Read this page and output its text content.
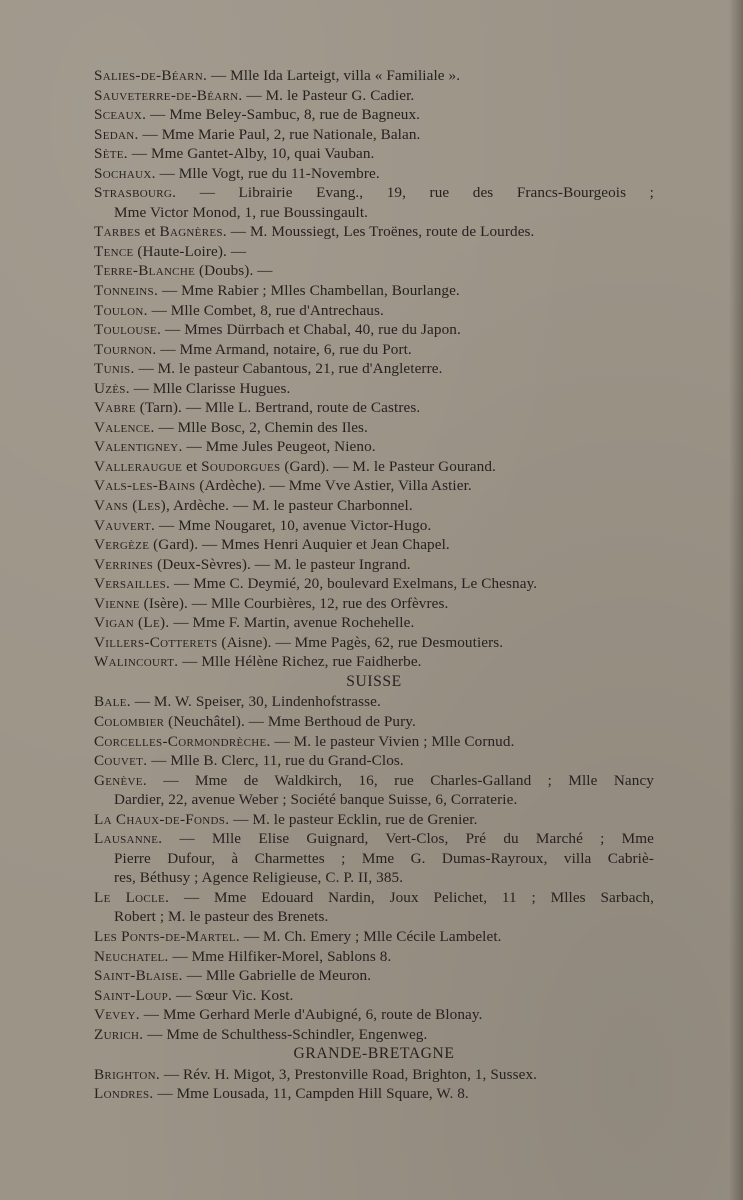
Salies-de-Béarn. — Mlle Ida Larteigt, villa « Familiale ».
Sauveterre-de-Béarn. — M. le Pasteur G. Cadier.
Sceaux. — Mme Beley-Sambuc, 8, rue de Bagneux.
Sedan. — Mme Marie Paul, 2, rue Nationale, Balan.
Sète. — Mme Gantet-Alby, 10, quai Vauban.
Sochaux. — Mlle Vogt, rue du 11-Novembre.
Strasbourg. — Librairie Evang., 19, rue des Francs-Bourgeois ;
Mme Victor Monod, 1, rue Boussingault.
Tarbes et Bagnères. — M. Moussiegt, Les Troënes, route de Lourdes.
Tence (Haute-Loire). —
Terre-Blanche (Doubs). —
Tonneins. — Mme Rabier ; Mlles Chambellan, Bourlange.
Toulon. — Mlle Combet, 8, rue d'Antrechaus.
Toulouse. — Mmes Dürrbach et Chabal, 40, rue du Japon.
Tournon. — Mme Armand, notaire, 6, rue du Port.
Tunis. — M. le pasteur Cabantous, 21, rue d'Angleterre.
Uzès. — Mlle Clarisse Hugues.
Vabre (Tarn). — Mlle L. Bertrand, route de Castres.
Valence. — Mlle Bosc, 2, Chemin des Iles.
Valentigney. — Mme Jules Peugeot, Nieno.
Valleraugue et Soudorgues (Gard). — M. le Pasteur Gourand.
Vals-les-Bains (Ardèche). — Mme Vve Astier, Villa Astier.
Vans (Les), Ardèche. — M. le pasteur Charbonnel.
Vauvert. — Mme Nougaret, 10, avenue Victor-Hugo.
Vergèze (Gard). — Mmes Henri Auquier et Jean Chapel.
Verrines (Deux-Sèvres). — M. le pasteur Ingrand.
Versailles. — Mme C. Deymié, 20, boulevard Exelmans, Le Chesnay.
Vienne (Isère). — Mlle Courbières, 12, rue des Orfèvres.
Vigan (Le). — Mme F. Martin, avenue Rochehelle.
Villers-Cotterets (Aisne). — Mme Pagès, 62, rue Desmoutiers.
Walincourt. — Mlle Hélène Richez, rue Faidherbe.
SUISSE
Bale. — M. W. Speiser, 30, Lindenhofstrasse.
Colombier (Neuchâtel). — Mme Berthoud de Pury.
Corcelles-Cormondrèche. — M. le pasteur Vivien ; Mlle Cornud.
Couvet. — Mlle B. Clerc, 11, rue du Grand-Clos.
Genève. — Mme de Waldkirch, 16, rue Charles-Galland ; Mlle Nancy
Dardier, 22, avenue Weber ; Société banque Suisse, 6, Corraterie.
La Chaux-de-Fonds. — M. le pasteur Ecklin, rue de Grenier.
Lausanne. — Mlle Elise Guignard, Vert-Clos, Pré du Marché ; Mme
Pierre Dufour, à Charmettes ; Mme G. Dumas-Rayroux, villa Cabriè-
res, Béthusy ; Agence Religieuse, C. P. II, 385.
Le Locle. — Mme Edouard Nardin, Joux Pelichet, 11 ; Mlles Sarbach,
Robert ; M. le pasteur des Brenets.
Les Ponts-de-Martel. — M. Ch. Emery ; Mlle Cécile Lambelet.
Neuchatel. — Mme Hilfiker-Morel, Sablons 8.
Saint-Blaise. — Mlle Gabrielle de Meuron.
Saint-Loup. — Sœur Vic. Kost.
Vevey. — Mme Gerhard Merle d'Aubigné, 6, route de Blonay.
Zurich. — Mme de Schulthess-Schindler, Engenweg.
GRANDE-BRETAGNE
Brighton. — Rév. H. Migot, 3, Prestonville Road, Brighton, 1, Sussex.
Londres. — Mme Lousada, 11, Campden Hill Square, W. 8.
